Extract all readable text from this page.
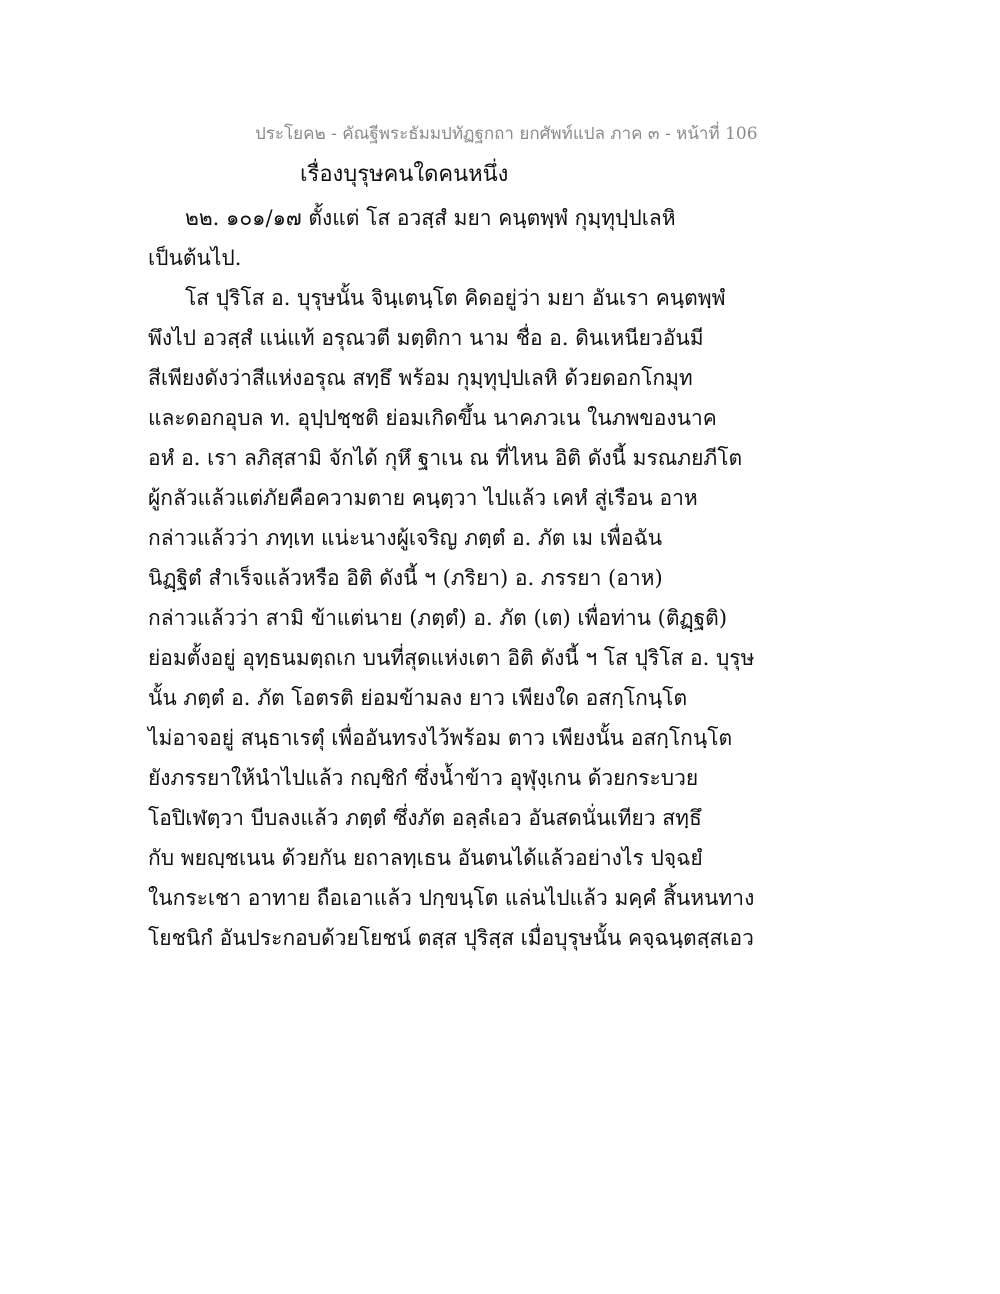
ประโยค๒ - คัณฐีพระธัมมปทัฏฐกถา ยกศัพท์แปล ภาค ๓ - หน้าที่ 106
เรื่องบุรุษคนใดคนหนึ่ง
๒๒. ๑๐๑/๑๗ ตั้งแต่ โส อวสฺสํ มยา คนฺตพฺพํ กุมฺทุปฺปเลหิ
เป็นต้นไป.
โส ปุริโส อ. บุรุษนั้น จินฺเตนฺโต คิดอยู่ว่า มยา อันเรา คนฺตพฺพํ
พึงไป อวสฺสํ แน่แท้ อรุณวตี มตฺติกา นาม ชื่อ อ. ดินเหนียวอันมี
สีเพียงดังว่าสีแห่งอรุณ สทฺธึ พร้อม กุมฺทุปฺปเลหิ ด้วยดอกโกมุท
และดอกอุบล ท. อุปฺปชฺชติ ย่อมเกิดขึ้น นาคภวเน ในภพของนาค
อหํ อ. เรา ลภิสฺสามิ จักได้ กุหึ ฐาเน ณ ที่ไหน อิติ ดังนี้ มรณภยภีโต
ผู้กลัวแล้วแต่ภัยคือความตาย คนฺตฺวา ไปแล้ว เคหํ สู่เรือน อาห
กล่าวแล้วว่า ภทฺเท แน่ะนางผู้เจริญ ภตฺตํ อ. ภัต เม เพื่อฉัน
นิฏฺฐิตํ สำเร็จแล้วหรือ อิติ ดังนี้ ฯ (ภริยา) อ. ภรรยา (อาห)
กล่าวแล้วว่า สามิ ข้าแต่นาย (ภตฺตํ) อ. ภัต (เต) เพื่อท่าน (ติฏฺฐติ)
ย่อมตั้งอยู่ อุทฺธนมตฺถเก บนที่สุดแห่งเตา อิติ ดังนี้ ฯ โส ปุริโส อ. บุรุษ
นั้น ภตฺตํ อ. ภัต โอตรติ ย่อมข้ามลง ยาว เพียงใด อสกฺโกนฺโต
ไม่อาจอยู่ สนฺธาเรตุํ เพื่ออันทรงไว้พร้อม ตาว เพียงนั้น อสกฺโกนฺโต
ยังภรรยาให้นำไปแล้ว กญฺชิกํ ซึ่งน้ำข้าว อุฬุงฺเกน ด้วยกระบวย
โอปิเฬตฺวา บีบลงแล้ว ภตฺตํ ซึ่งภัต อลฺลํเอว อันสดนั่นเทียว สทฺธึ
กับ พยญฺชเนน ด้วยกัน ยถาลทฺเธน อันตนได้แล้วอย่างไร ปจฺฉยํ
ในกระเชา อาทาย ถือเอาแล้ว ปกฺขนฺโต แล่นไปแล้ว มคฺคํ สิ้นหนทาง
โยชนิกํ อันประกอบด้วยโยชน์ ตสฺส ปุริสฺส เมื่อบุรุษนั้น คจฺฉนฺตสฺสเอว
